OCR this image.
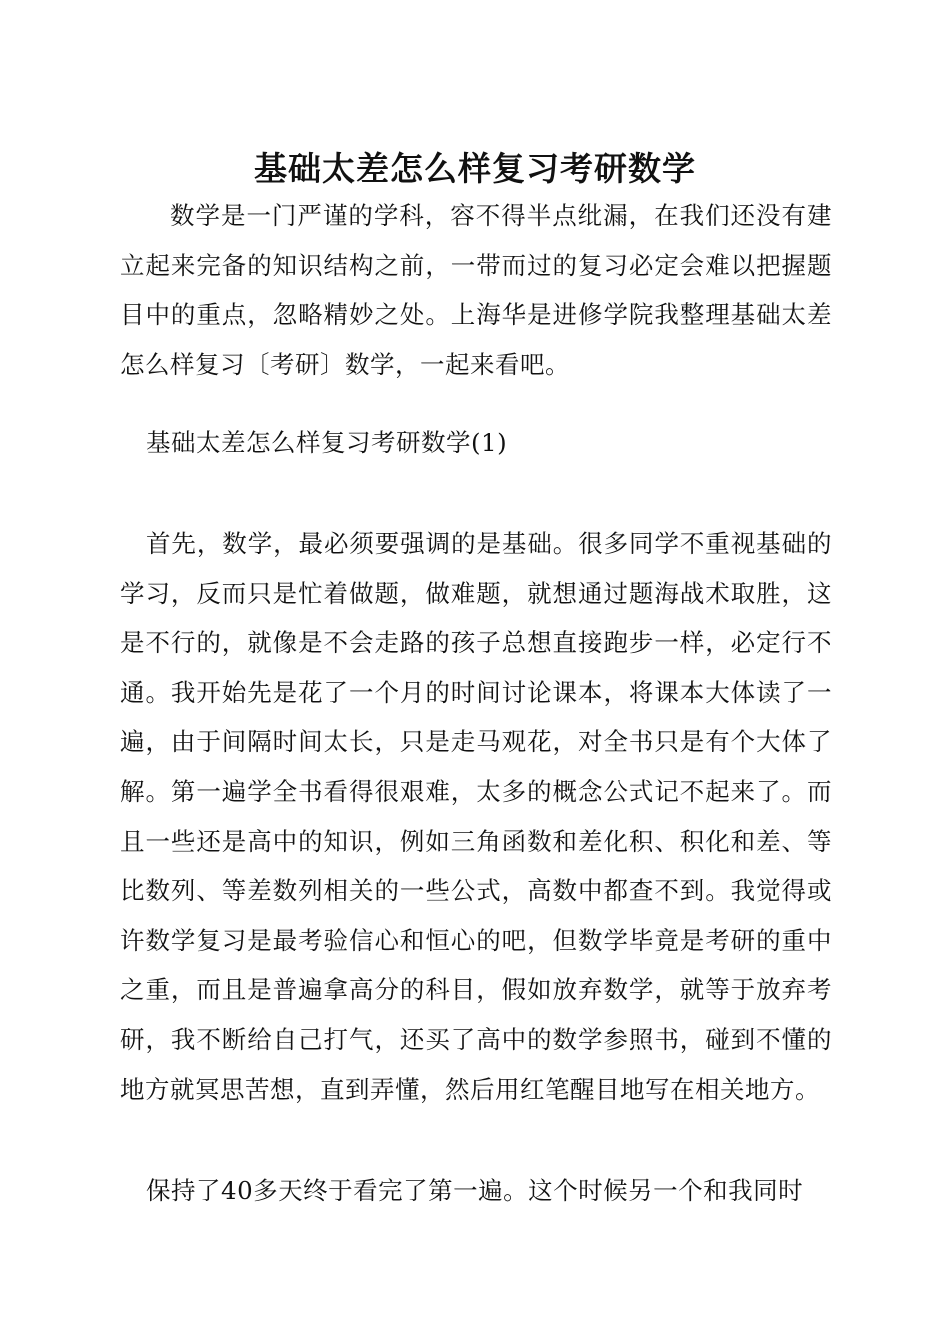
基础太差怎么样复习考研数学

数学是一门严谨的学科，容不得半点纰漏，在我们还没有建立起来完备的知识结构之前，一带而过的复习必定会难以把握题目中的重点，忽略精妙之处。上海华是进修学院我整理基础太差怎么样复习〔考研〕数学，一起来看吧。

基础太差怎么样复习考研数学(1)

首先，数学，最必须要强调的是基础。很多同学不重视基础的学习，反而只是忙着做题，做难题，就想通过题海战术取胜，这是不行的，就像是不会走路的孩子总想直接跑步一样，必定行不通。我开始先是花了一个月的时间讨论课本，将课本大体读了一遍，由于间隔时间太长，只是走马观花，对全书只是有个大体了解。第一遍学全书看得很艰难，太多的概念公式记不起来了。而且一些还是高中的知识，例如三角函数和差化积、积化和差、等比数列、等差数列相关的一些公式，高数中都查不到。我觉得或许数学复习是最考验信心和恒心的吧，但数学毕竟是考研的重中之重，而且是普遍拿高分的科目，假如放弃数学，就等于放弃考研，我不断给自己打气，还买了高中的数学参照书，碰到不懂的地方就冥思苦想，直到弄懂，然后用红笔醒目地写在相关地方。

保持了40多天终于看完了第一遍。这个时候另一个和我同时
